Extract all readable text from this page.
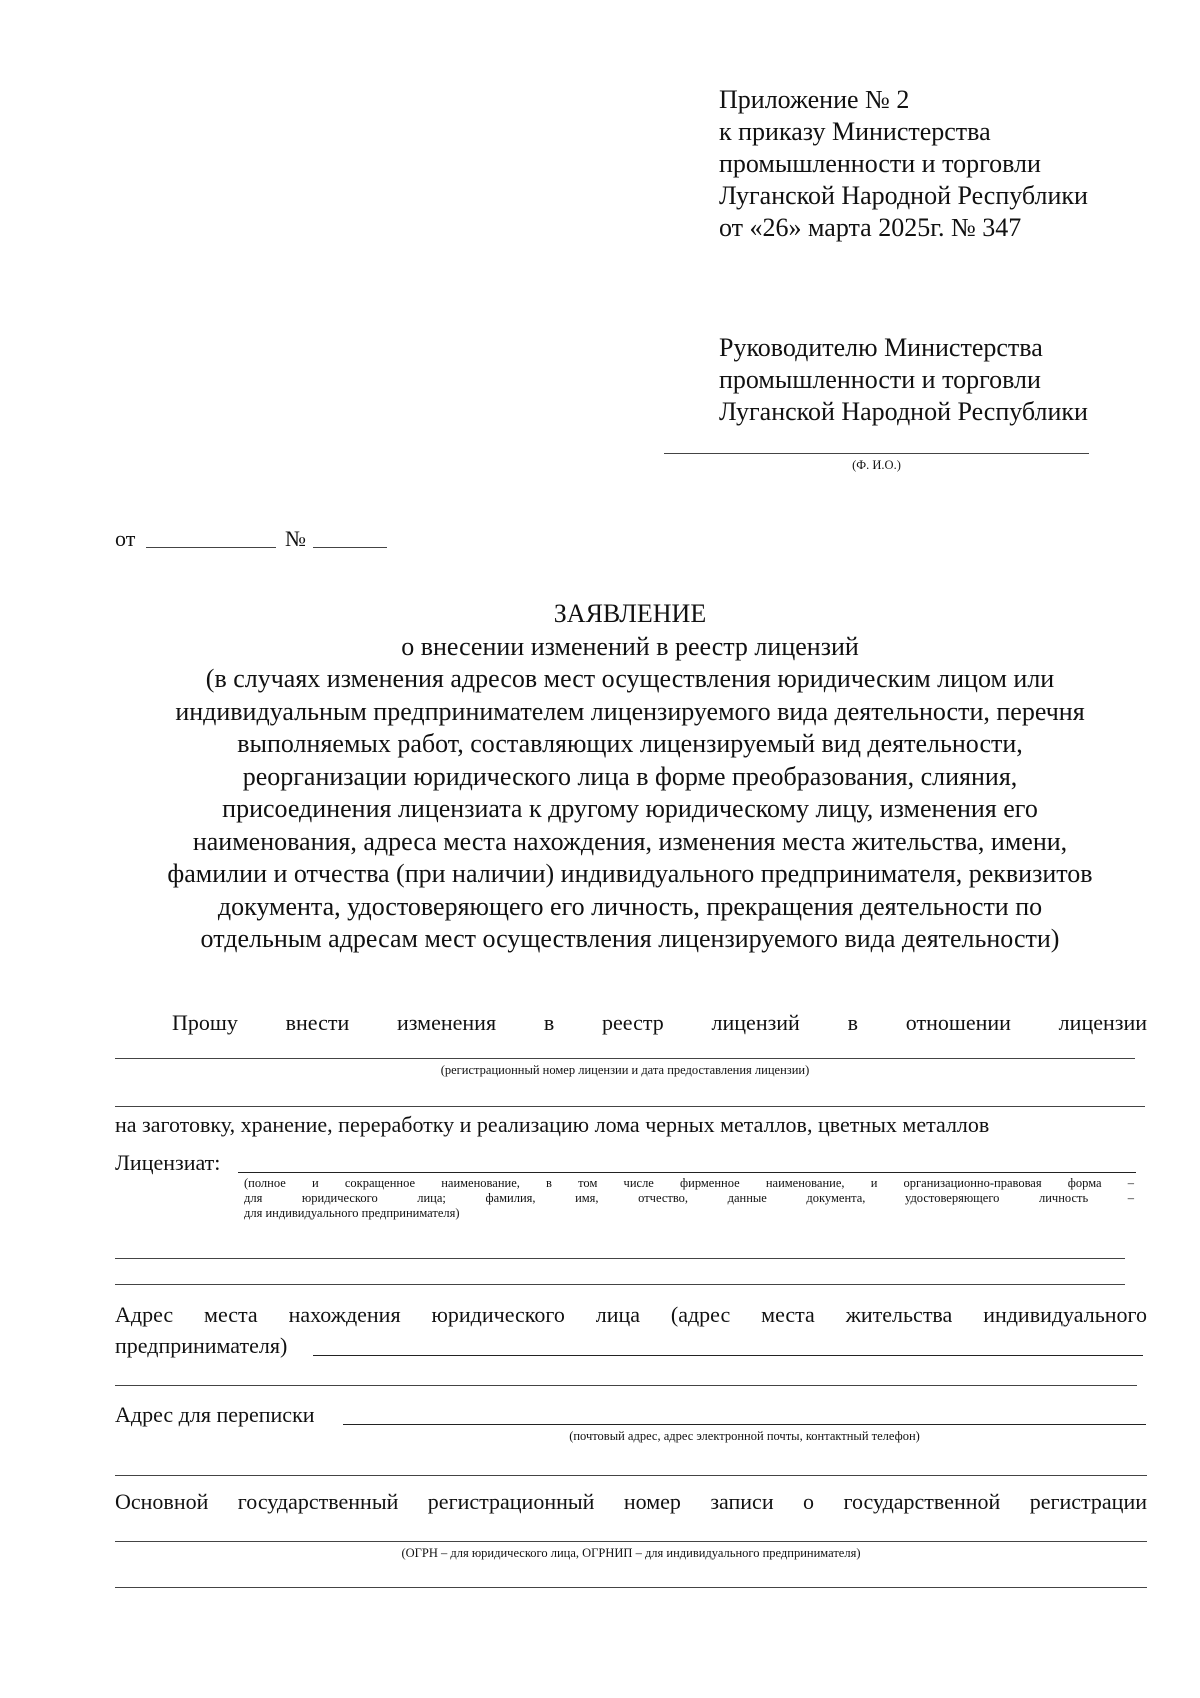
Приложение № 2
к приказу Министерства
промышленности и торговли
Луганской Народной Республики
от «26» марта 2025г. № 347
Руководителю Министерства
промышленности и торговли
Луганской Народной Республики
(Ф. И.О.)
от	№
ЗАЯВЛЕНИЕ
о внесении изменений в реестр лицензий
(в случаях изменения адресов мест осуществления юридическим лицом или
индивидуальным предпринимателем лицензируемого вида деятельности, перечня
выполняемых работ, составляющих лицензируемый вид деятельности,
реорганизации юридического лица в форме преобразования, слияния,
присоединения лицензиата к другому юридическому лицу, изменения его
наименования, адреса места нахождения, изменения места жительства, имени,
фамилии и отчества (при наличии) индивидуального предпринимателя, реквизитов
документа, удостоверяющего его личность, прекращения деятельности по
отдельным адресам мест осуществления лицензируемого вида деятельности)
Прошу внести изменения в реестр лицензий в отношении лицензии
(регистрационный номер лицензии и дата предоставления лицензии)
на заготовку, хранение, переработку и реализацию лома черных металлов, цветных металлов
Лицензиат:
(полное и сокращенное наименование, в том числе фирменное наименование, и организационно-правовая форма –
для юридического лица; фамилия, имя, отчество, данные документа, удостоверяющего личность –
для индивидуального предпринимателя)
Адрес места нахождения юридического лица (адрес места жительства индивидуального
предпринимателя)
Адрес для переписки
(почтовый адрес, адрес электронной почты, контактный телефон)
Основной государственный регистрационный номер записи о государственной регистрации
(ОГРН – для юридического лица, ОГРНИП – для индивидуального предпринимателя)
